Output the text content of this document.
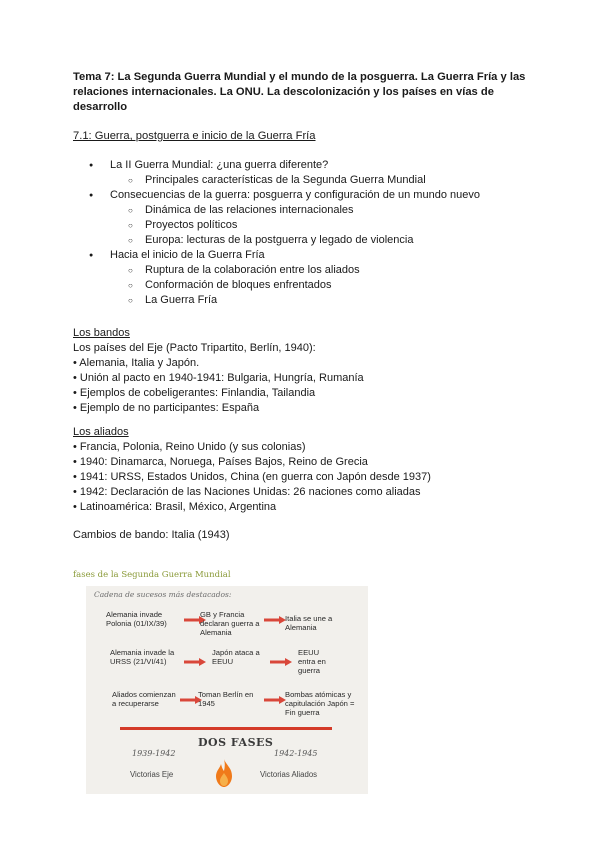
Tema 7: La Segunda Guerra Mundial y el mundo de la posguerra. La Guerra Fría y las relaciones internacionales. La ONU. La descolonización y los países en vías de desarrollo
7.1: Guerra, postguerra e inicio de la Guerra Fría
● La II Guerra Mundial: ¿una guerra diferente?
○ Principales características de la Segunda Guerra Mundial
● Consecuencias de la guerra: posguerra y configuración de un mundo nuevo
○ Dinámica de las relaciones internacionales
○ Proyectos políticos
○ Europa: lecturas de la postguerra y legado de violencia
● Hacia el inicio de la Guerra Fría
○ Ruptura de la colaboración entre los aliados
○ Conformación de bloques enfrentados
○ La Guerra Fría
Los bandos
Los países del Eje (Pacto Tripartito, Berlín, 1940):
• Alemania, Italia y Japón.
• Unión al pacto en 1940-1941: Bulgaria, Hungría, Rumanía
• Ejemplos de cobeligerantes: Finlandia, Tailandia
• Ejemplo de no participantes: España
Los aliados
• Francia, Polonia, Reino Unido (y sus colonias)
• 1940: Dinamarca, Noruega, Países Bajos, Reino de Grecia
• 1941: URSS, Estados Unidos, China (en guerra con Japón desde 1937)
• 1942: Declaración de las Naciones Unidas: 26 naciones como aliadas
• Latinoamérica: Brasil, México, Argentina
Cambios de bando: Italia (1943)
fases de la Segunda Guerra Mundial
Cadena de sucesos más destacados:
Alemania invade Polonia (01/IX/39)
GB y Francia declaran guerra a Alemania
Italia se une a Alemania
Alemania invade la URSS (21/VI/41)
Japón ataca a EEUU
EEUU entra en guerra
Aliados comienzan a recuperarse
Toman Berlín en 1945
Bombas atómicas y capitulación Japón = Fin guerra
DOS FASES
1939-1942	1942-1945
Victorias Eje	Victorias Aliados
